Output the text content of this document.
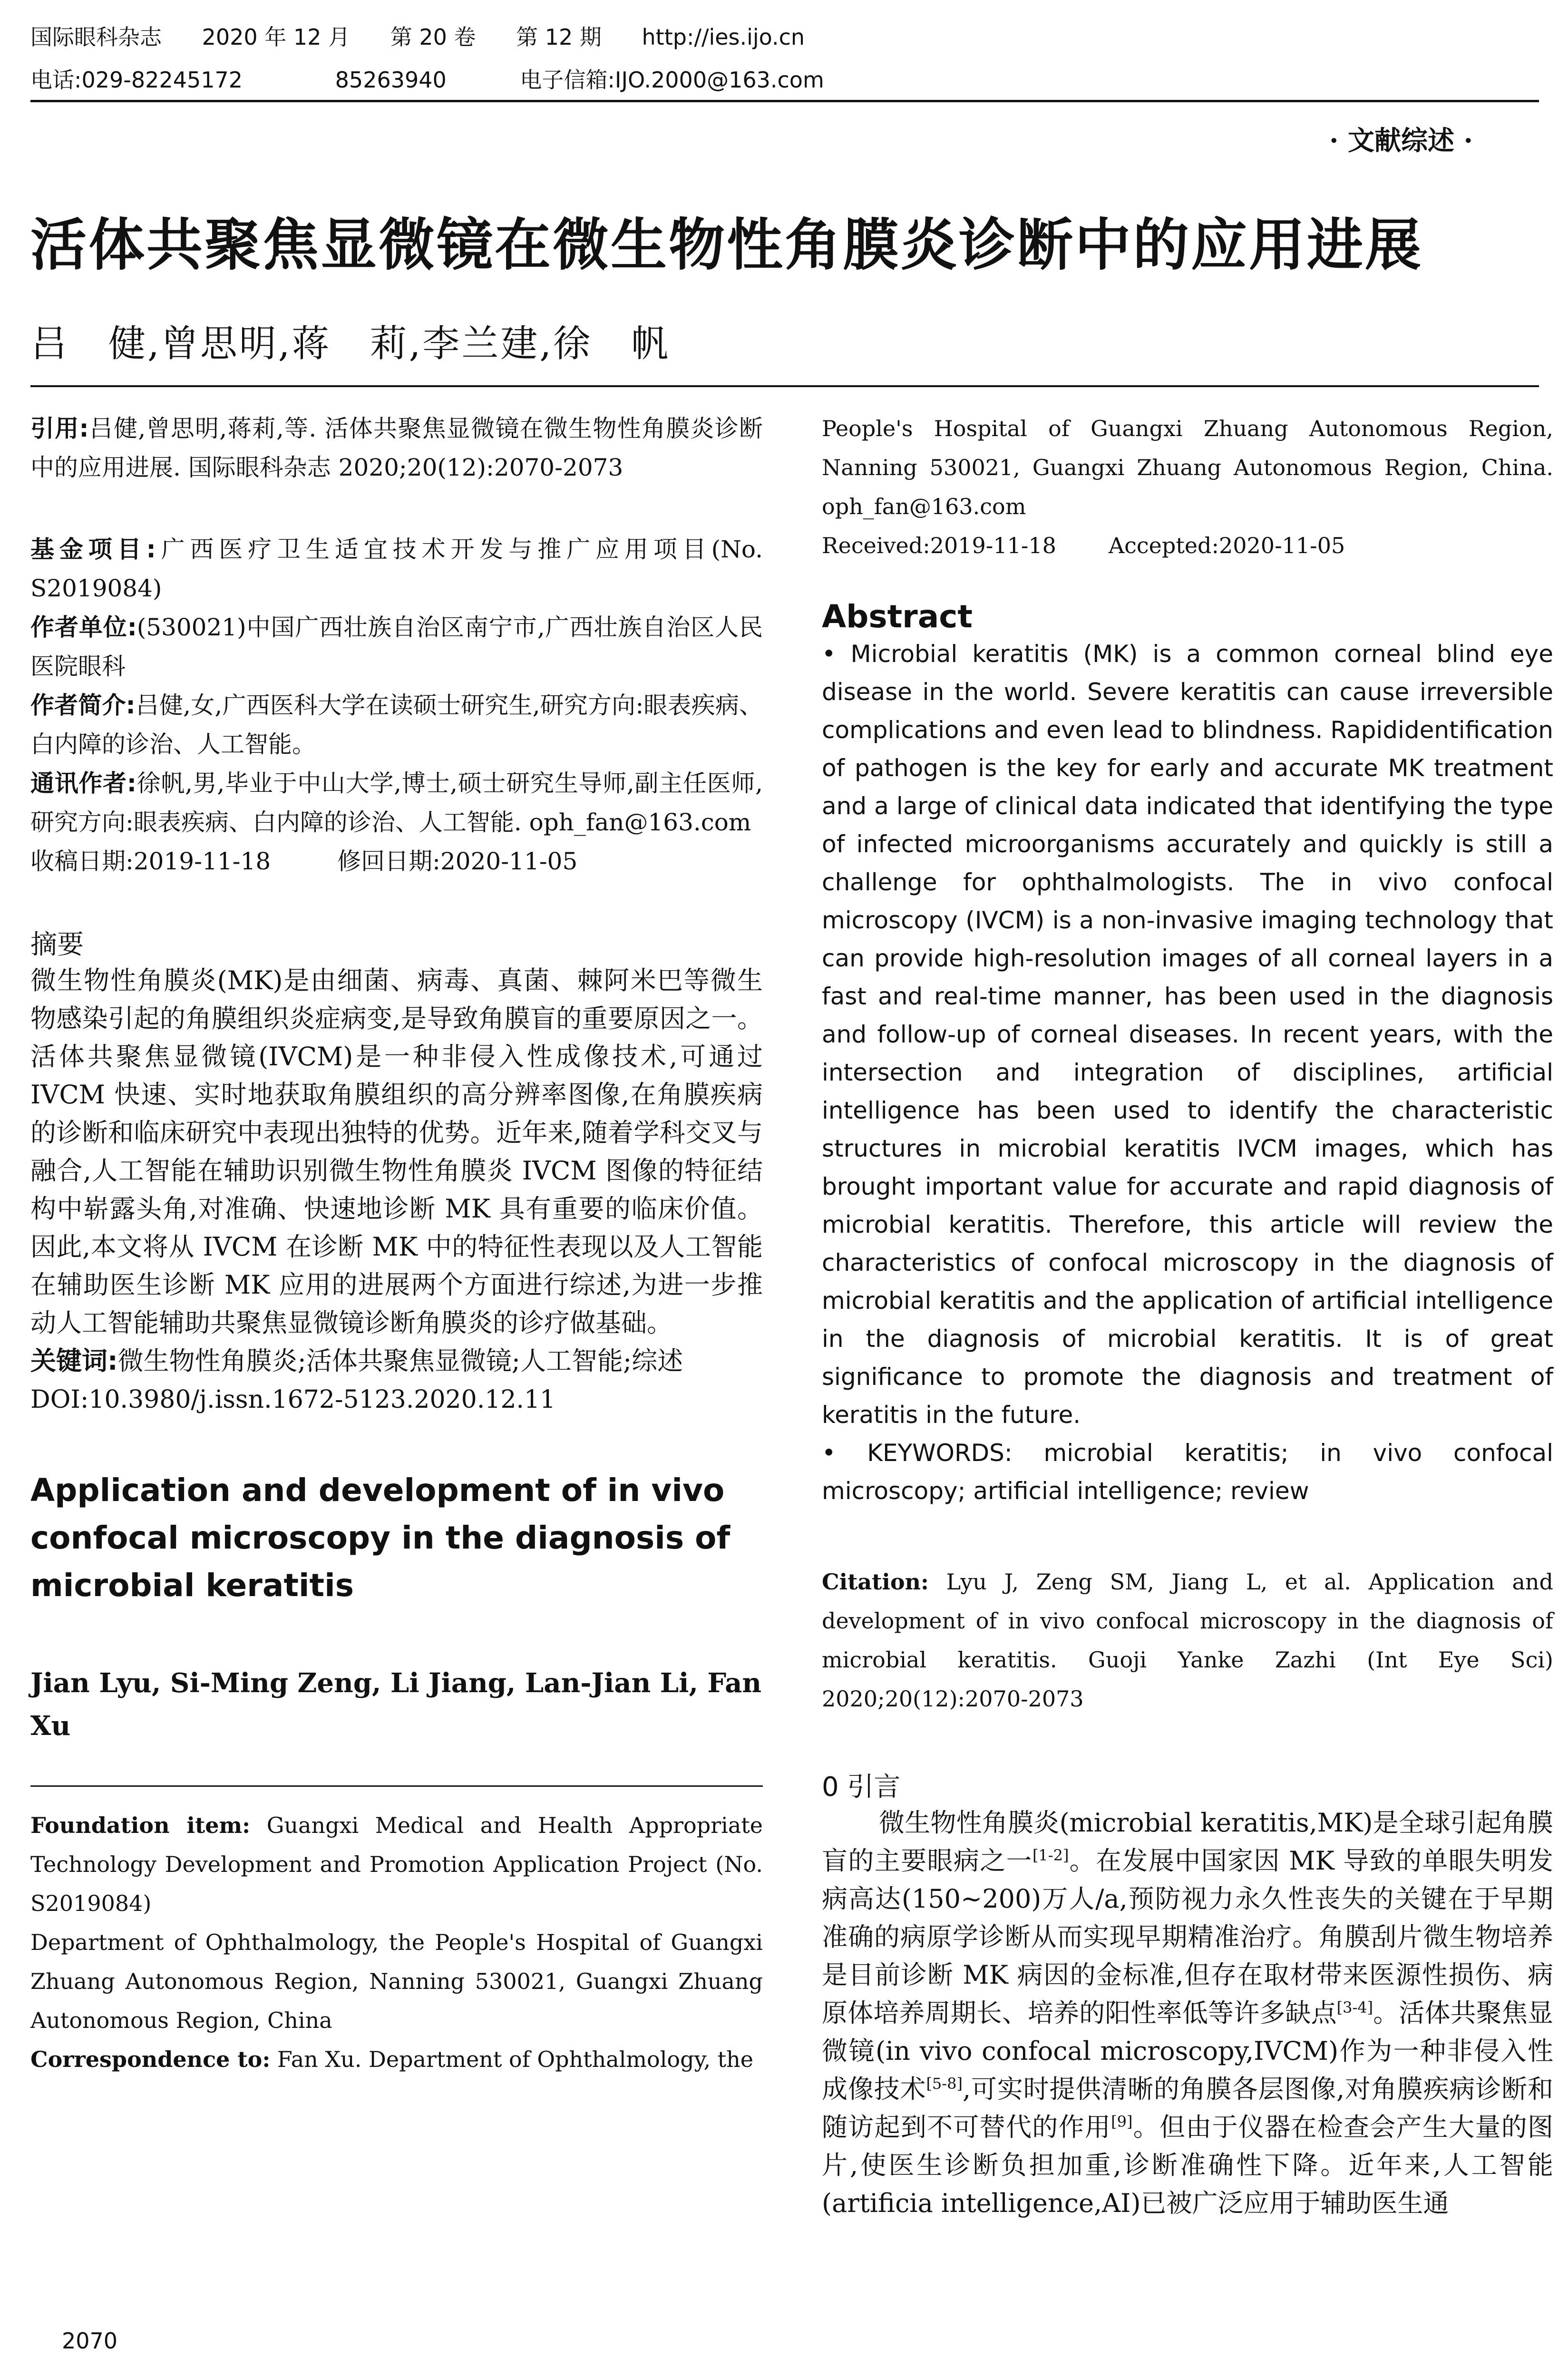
国际眼科杂志 2020 年 12 月 第 20 卷 第 12 期 http://ies.ijo.cn
电话:029-82245172	85263940	电子信箱:IJO.2000@163.com
· 文献综述 ·
活体共聚焦显微镜在微生物性角膜炎诊断中的应用进展
吕　健,曾思明,蒋　莉,李兰建,徐　帆

引用:吕健,曾思明,蒋莉,等. 活体共聚焦显微镜在微生物性角膜炎诊断中的应用进展. 国际眼科杂志 2020;20(12):2070-2073

基金项目:广西医疗卫生适宜技术开发与推广应用项目(No. S2019084)

作者单位:(530021)中国广西壮族自治区南宁市,广西壮族自治区人民医院眼科

作者简介:吕健,女,广西医科大学在读硕士研究生,研究方向:眼表疾病、白内障的诊治、人工智能。

通讯作者:徐帆,男,毕业于中山大学,博士,硕士研究生导师,副主任医师,研究方向:眼表疾病、白内障的诊治、人工智能. oph_fan@163.com

收稿日期:2019-11-18	修回日期:2020-11-05

摘要

微生物性角膜炎(MK)是由细菌、病毒、真菌、棘阿米巴等微生物感染引起的角膜组织炎症病变,是导致角膜盲的重要原因之一。活体共聚焦显微镜(IVCM)是一种非侵入性成像技术,可通过 IVCM 快速、实时地获取角膜组织的高分辨率图像,在角膜疾病的诊断和临床研究中表现出独特的优势。近年来,随着学科交叉与融合,人工智能在辅助识别微生物性角膜炎 IVCM 图像的特征结构中崭露头角,对准确、快速地诊断 MK 具有重要的临床价值。因此,本文将从 IVCM 在诊断 MK 中的特征性表现以及人工智能在辅助医生诊断 MK 应用的进展两个方面进行综述,为进一步推动人工智能辅助共聚焦显微镜诊断角膜炎的诊疗做基础。

关键词:微生物性角膜炎;活体共聚焦显微镜;人工智能;综述

DOI:10.3980/j.issn.1672-5123.2020.12.11

Application and development of in vivo confocal microscopy in the diagnosis of microbial keratitis

Jian Lyu, Si-Ming Zeng, Li Jiang, Lan-Jian Li, Fan Xu

Foundation item: Guangxi Medical and Health Appropriate Technology Development and Promotion Application Project (No. S2019084)

Department of Ophthalmology, the People's Hospital of Guangxi Zhuang Autonomous Region, Nanning 530021, Guangxi Zhuang Autonomous Region, China

Correspondence to: Fan Xu. Department of Ophthalmology, the

People's Hospital of Guangxi Zhuang Autonomous Region, Nanning 530021, Guangxi Zhuang Autonomous Region, China. oph_fan@163.com

Received:2019-11-18 Accepted:2020-11-05

Abstract

• Microbial keratitis (MK) is a common corneal blind eye disease in the world. Severe keratitis can cause irreversible complications and even lead to blindness. Rapididentification of pathogen is the key for early and accurate MK treatment and a large of clinical data indicated that identifying the type of infected microorganisms accurately and quickly is still a challenge for ophthalmologists. The in vivo confocal microscopy (IVCM) is a non-invasive imaging technology that can provide high-resolution images of all corneal layers in a fast and real-time manner, has been used in the diagnosis and follow-up of corneal diseases. In recent years, with the intersection and integration of disciplines, artificial intelligence has been used to identify the characteristic structures in microbial keratitis IVCM images, which has brought important value for accurate and rapid diagnosis of microbial keratitis. Therefore, this article will review the characteristics of confocal microscopy in the diagnosis of microbial keratitis and the application of artificial intelligence in the diagnosis of microbial keratitis. It is of great significance to promote the diagnosis and treatment of keratitis in the future.

• KEYWORDS: microbial keratitis; in vivo confocal microscopy; artificial intelligence; review

Citation: Lyu J, Zeng SM, Jiang L, et al. Application and development of in vivo confocal microscopy in the diagnosis of microbial keratitis. Guoji Yanke Zazhi (Int Eye Sci) 2020;20(12):2070-2073

0 引言

微生物性角膜炎(microbial keratitis,MK)是全球引起角膜盲的主要眼病之一[1-2]。在发展中国家因 MK 导致的单眼失明发病高达(150~200)万人/a,预防视力永久性丧失的关键在于早期准确的病原学诊断从而实现早期精准治疗。角膜刮片微生物培养是目前诊断 MK 病因的金标准,但存在取材带来医源性损伤、病原体培养周期长、培养的阳性率低等许多缺点[3-4]。活体共聚焦显微镜(in vivo confocal microscopy,IVCM)作为一种非侵入性成像技术[5-8],可实时提供清晰的角膜各层图像,对角膜疾病诊断和随访起到不可替代的作用[9]。但由于仪器在检查会产生大量的图片,使医生诊断负担加重,诊断准确性下降。近年来,人工智能(artificia intelligence,AI)已被广泛应用于辅助医生通

2070
